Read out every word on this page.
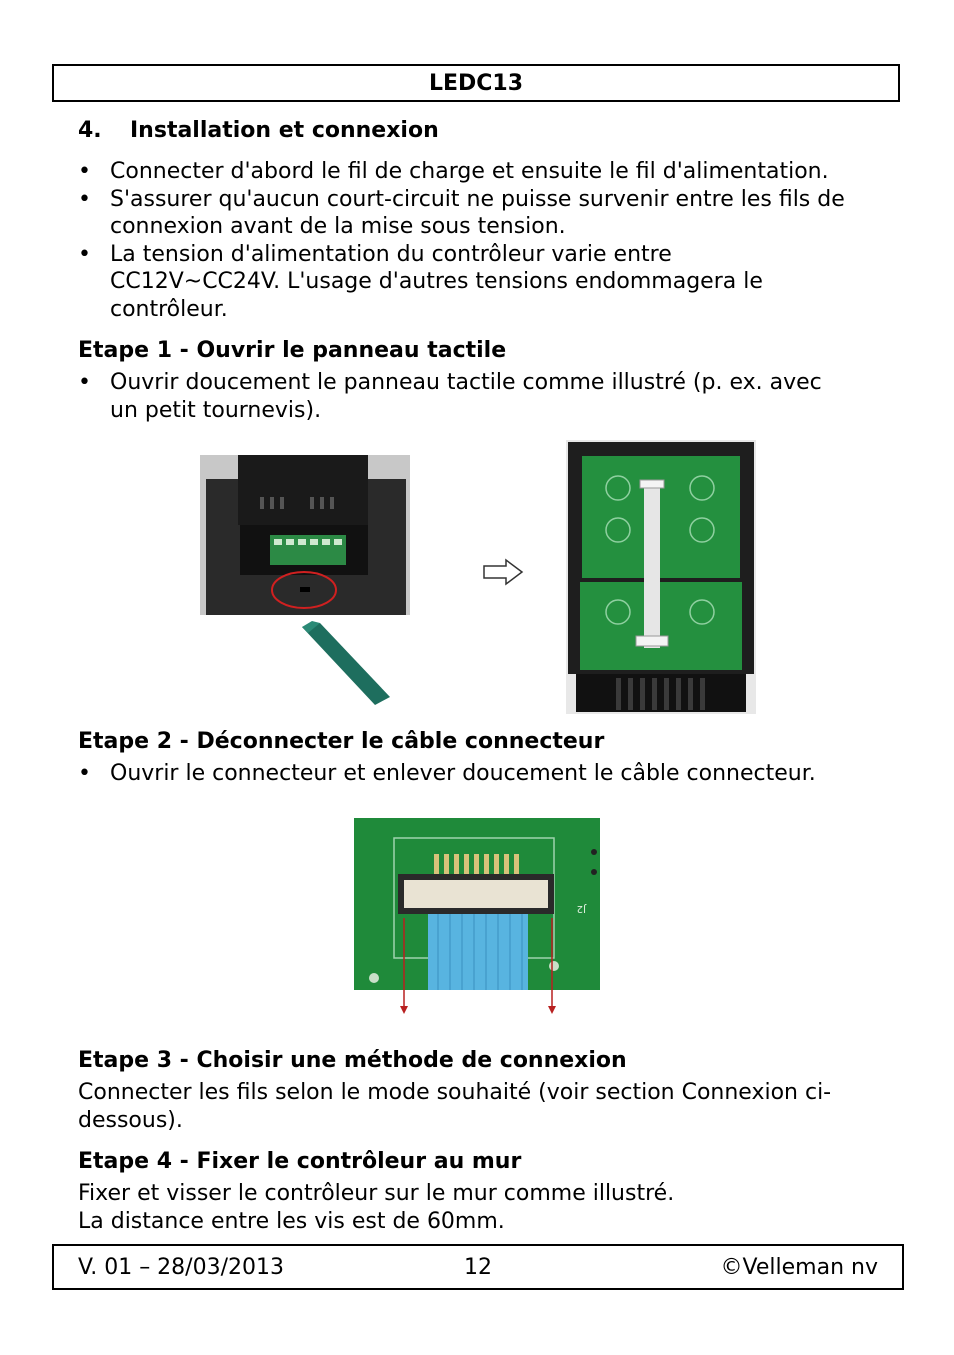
LEDC13
4. Installation et connexion
• Connecter d'abord le fil de charge et ensuite le fil d'alimentation.
• S'assurer qu'aucun court-circuit ne puisse survenir entre les fils de
connexion avant de la mise sous tension.
• La tension d'alimentation du contrôleur varie entre
CC12V~CC24V. L'usage d'autres tensions endommagera le
contrôleur.
Etape 1 - Ouvrir le panneau tactile
• Ouvrir doucement le panneau tactile comme illustré (p. ex. avec
un petit tournevis).
Etape 2 - Déconnecter le câble connecteur
• Ouvrir le connecteur et enlever doucement le câble connecteur.
J2
Etape 3 - Choisir une méthode de connexion
Connecter les fils selon le mode souhaité (voir section Connexion ci-
dessous).
Etape 4 - Fixer le contrôleur au mur
Fixer et visser le contrôleur sur le mur comme illustré.
La distance entre les vis est de 60mm.
V. 01 – 28/03/2013	12	©Velleman nv
